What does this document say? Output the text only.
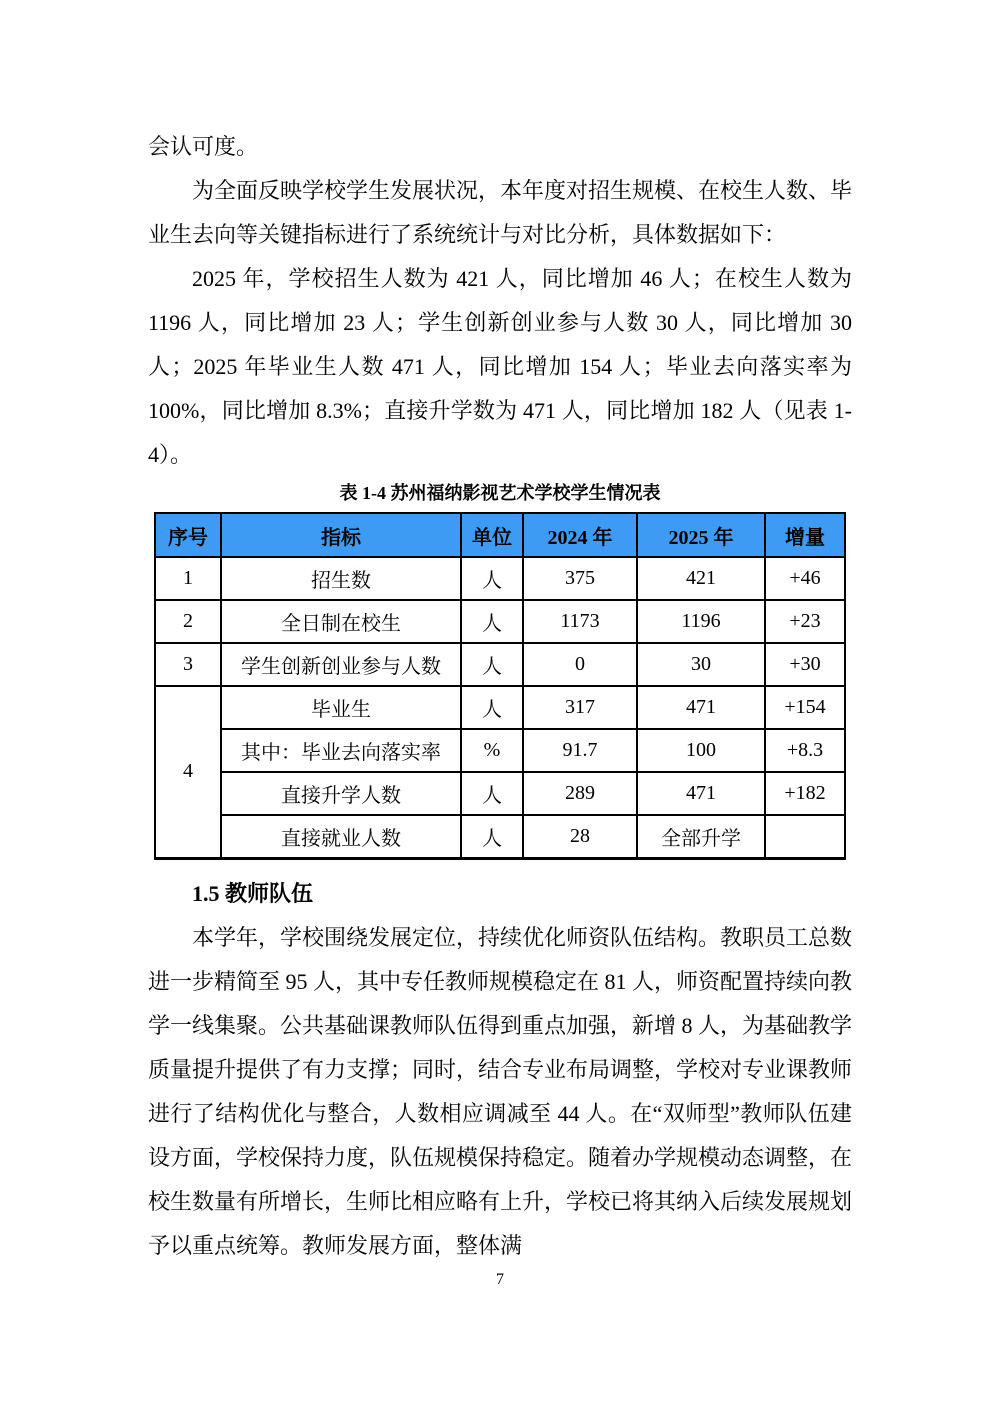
会认可度。

为全面反映学校学生发展状况，本年度对招生规模、在校生人数、毕业生去向等关键指标进行了系统统计与对比分析，具体数据如下：

2025 年，学校招生人数为 421 人，同比增加 46 人；在校生人数为 1196 人，同比增加 23 人；学生创新创业参与人数 30 人，同比增加 30 人；2025 年毕业生人数 471 人，同比增加 154 人；毕业去向落实率为 100%，同比增加 8.3%；直接升学数为 471 人，同比增加 182 人（见表 1-4）。

表 1-4 苏州福纳影视艺术学校学生情况表
序号	指标	单位	2024 年	2025 年	增量
1	招生数	人	375	421	+46
2	全日制在校生	人	1173	1196	+23
3	学生创新创业参与人数	人	0	30	+30
4	毕业生	人	317	471	+154
	其中：毕业去向落实率	%	91.7	100	+8.3
	直接升学人数	人	289	471	+182
	直接就业人数	人	28	全部升学	
1.5 教师队伍

本学年，学校围绕发展定位，持续优化师资队伍结构。教职员工总数进一步精简至 95 人，其中专任教师规模稳定在 81 人，师资配置持续向教学一线集聚。公共基础课教师队伍得到重点加强，新增 8 人，为基础教学质量提升提供了有力支撑；同时，结合专业布局调整，学校对专业课教师进行了结构优化与整合，人数相应调减至 44 人。在“双师型”教师队伍建设方面，学校保持力度，队伍规模保持稳定。随着办学规模动态调整，在校生数量有所增长，生师比相应略有上升，学校已将其纳入后续发展规划予以重点统筹。教师发展方面，整体满

7
